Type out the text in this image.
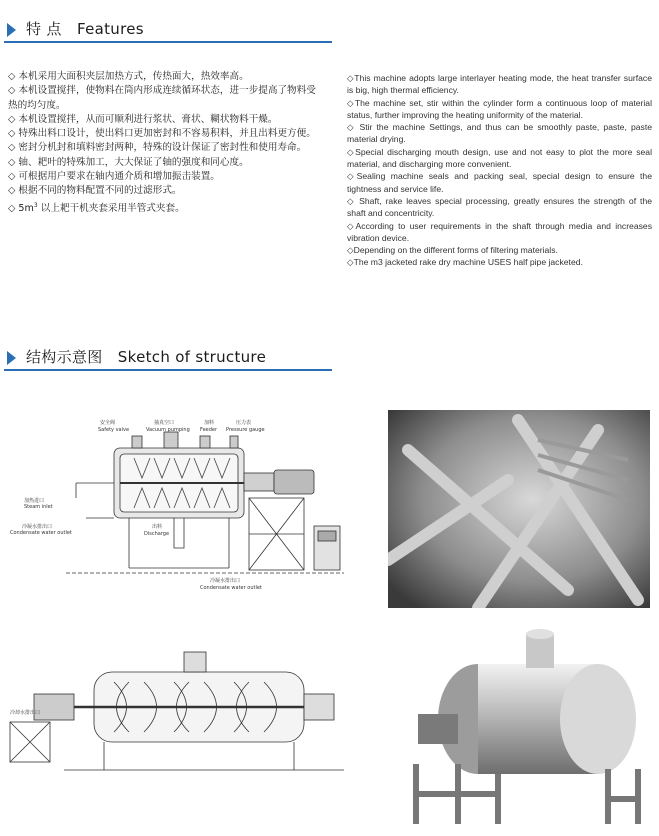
特 点　Features
◇ 本机采用大面积夹层加热方式，传热面大，热效率高。
◇ 本机设置搅拌，使物料在筒内形成连续循环状态，进一步提高了物料受热的均匀度。
◇ 本机设置搅拌，从而可顺利进行浆状、膏状、糊状物料干燥。
◇ 特殊出料口设计，使出料口更加密封和不容易积料，并且出料更方便。
◇ 密封分机封和填料密封两种，特殊的设计保证了密封性和使用寿命。
◇ 轴、耙叶的特殊加工，大大保证了轴的强度和同心度。
◇ 可根据用户要求在轴内通介质和增加振击装置。
◇ 根据不同的物料配置不同的过滤形式。
◇ $5m^3$ 以上耙干机夹套采用半管式夹套。
◇This machine adopts large interlayer heating mode, the heat transfer surface is big, high thermal efficiency.
◇The machine set, stir within the cylinder form a continuous loop of material status, further improving the heating uniformity of the material.
◇ Stir the machine Settings, and thus can be smoothly paste, paste, paste material drying.
◇Special discharging mouth design, use and not easy to plot the more seal material, and discharging more convenient.
◇Sealing machine seals and packing seal, special design to ensure the tightness and service life.
◇ Shaft, rake leaves special processing, greatly ensures the strength of the shaft and concentricity.
◇According to user requirements in the shaft through media and increases vibration device.
◇Depending on the different forms of filtering materials.
◇The m3 jacketed rake dry machine USES half pipe jacketed.
结构示意图　Sketch of structure
安全阀
Safety valve
抽真空口
Vacuum pumping
加料
Feeder
压力表
Pressure gauge
加热进口
Steam inlet
冷凝水排出口
Condensate water outlet
出料
Discharge
冷凝水排出口
Condensate water outlet
冷却水排出口
